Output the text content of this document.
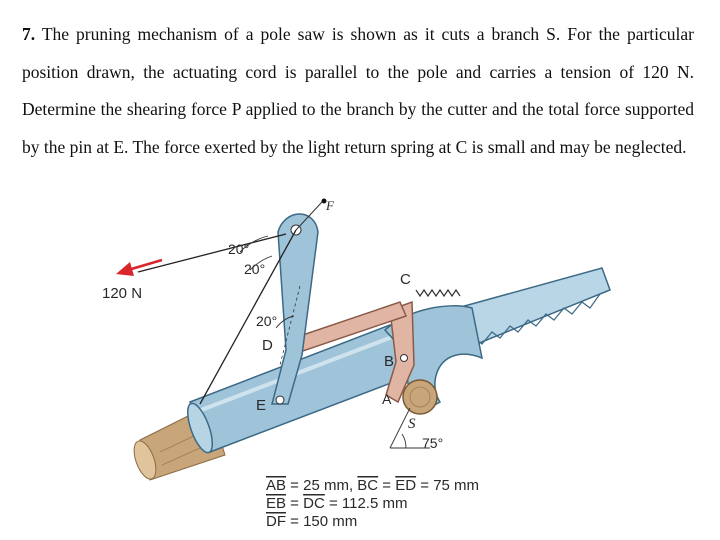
7. The pruning mechanism of a pole saw is shown as it cuts a branch S. For the particular position drawn, the actuating cord is parallel to the pole and carries a tension of 120 N. Determine the shearing force P applied to the branch by the cutter and the total force supported by the pin at E. The force exerted by the light return spring at C is small and may be neglected.

120 N
20°
20°
20°
75°
F
C
D
B
A
E
S
AB = 25 mm, BC = ED = 75 mm
EB = DC = 112.5 mm
DF = 150 mm
